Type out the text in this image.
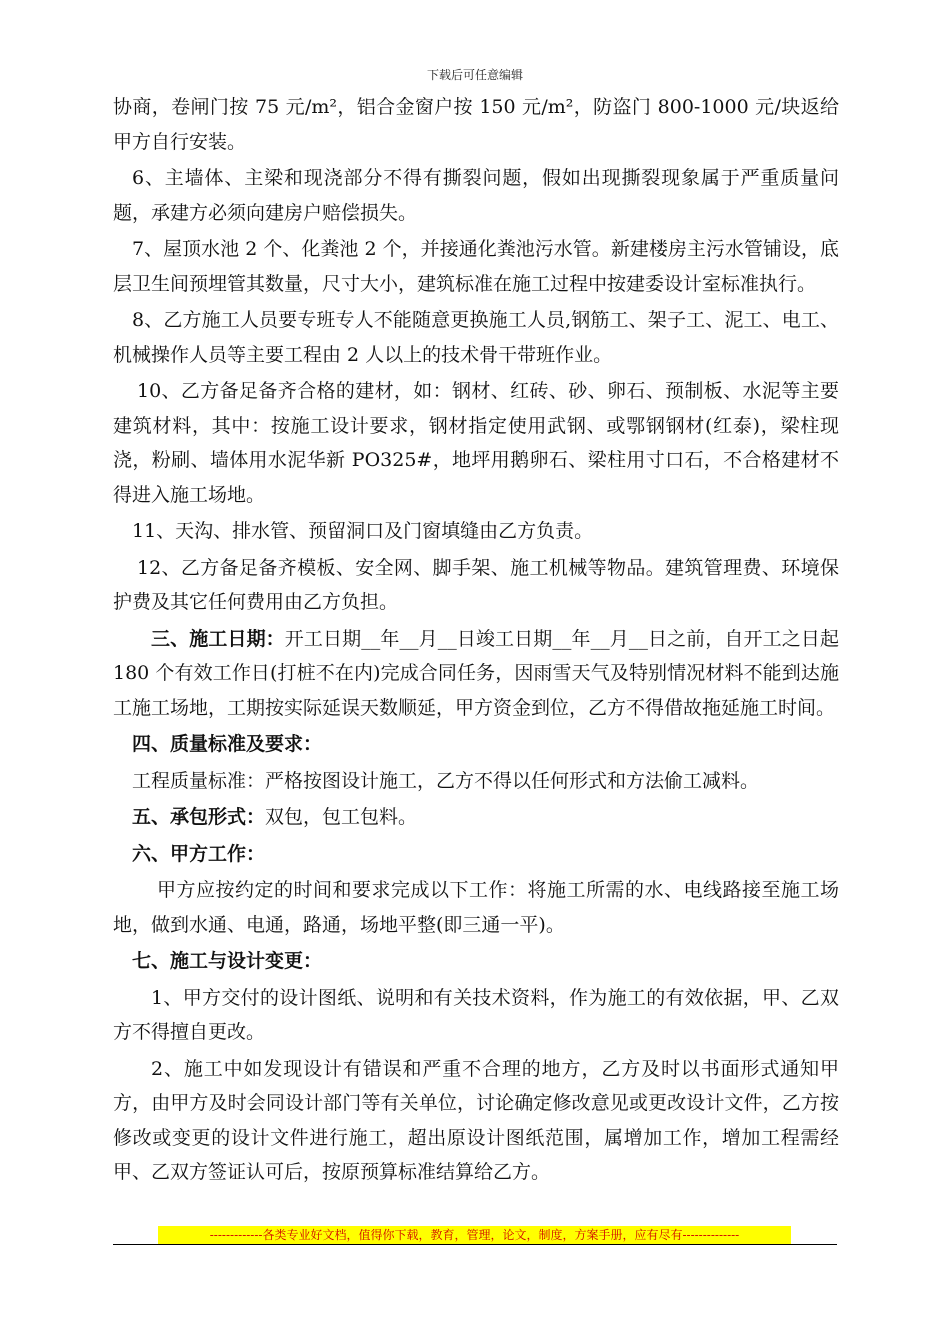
下载后可任意编辑

协商，卷闸门按 75 元/m²，铝合金窗户按 150 元/m²，防盗门 800-1000 元/块返给甲方自行安装。

6、主墙体、主梁和现浇部分不得有撕裂问题，假如出现撕裂现象属于严重质量问题，承建方必须向建房户赔偿损失。

7、屋顶水池 2 个、化粪池 2 个，并接通化粪池污水管。新建楼房主污水管铺设，底层卫生间预埋管其数量，尺寸大小，建筑标准在施工过程中按建委设计室标准执行。

8、乙方施工人员要专班专人不能随意更换施工人员,钢筋工、架子工、泥工、电工、机械操作人员等主要工程由 2 人以上的技术骨干带班作业。

10、乙方备足备齐合格的建材，如：钢材、红砖、砂、卵石、预制板、水泥等主要建筑材料，其中：按施工设计要求，钢材指定使用武钢、或鄂钢钢材(红泰)，梁柱现浇，粉刷、墙体用水泥华新 PO325#，地坪用鹅卵石、梁柱用寸口石，不合格建材不得进入施工场地。

11、天沟、排水管、预留洞口及门窗填缝由乙方负责。

12、乙方备足备齐模板、安全网、脚手架、施工机械等物品。建筑管理费、环境保护费及其它任何费用由乙方负担。

三、施工日期：开工日期__年__月__日竣工日期__年__月__日之前，自开工之日起 180 个有效工作日(打桩不在内)完成合同任务，因雨雪天气及特别情况材料不能到达施工施工场地，工期按实际延误天数顺延，甲方资金到位，乙方不得借故拖延施工时间。

四、质量标准及要求：

工程质量标准：严格按图设计施工，乙方不得以任何形式和方法偷工减料。

五、承包形式：双包，包工包料。

六、甲方工作：

甲方应按约定的时间和要求完成以下工作：将施工所需的水、电线路接至施工场地，做到水通、电通，路通，场地平整(即三通一平)。

七、施工与设计变更：

1、甲方交付的设计图纸、说明和有关技术资料，作为施工的有效依据，甲、乙双方不得擅自更改。

2、施工中如发现设计有错误和严重不合理的地方，乙方及时以书面形式通知甲方，由甲方及时会同设计部门等有关单位，讨论确定修改意见或更改设计文件，乙方按修改或变更的设计文件进行施工，超出原设计图纸范围，属增加工作，增加工程需经甲、乙双方签证认可后，按原预算标准结算给乙方。

-------------各类专业好文档，值得你下载，教育，管理，论文，制度，方案手册，应有尽有--------------
